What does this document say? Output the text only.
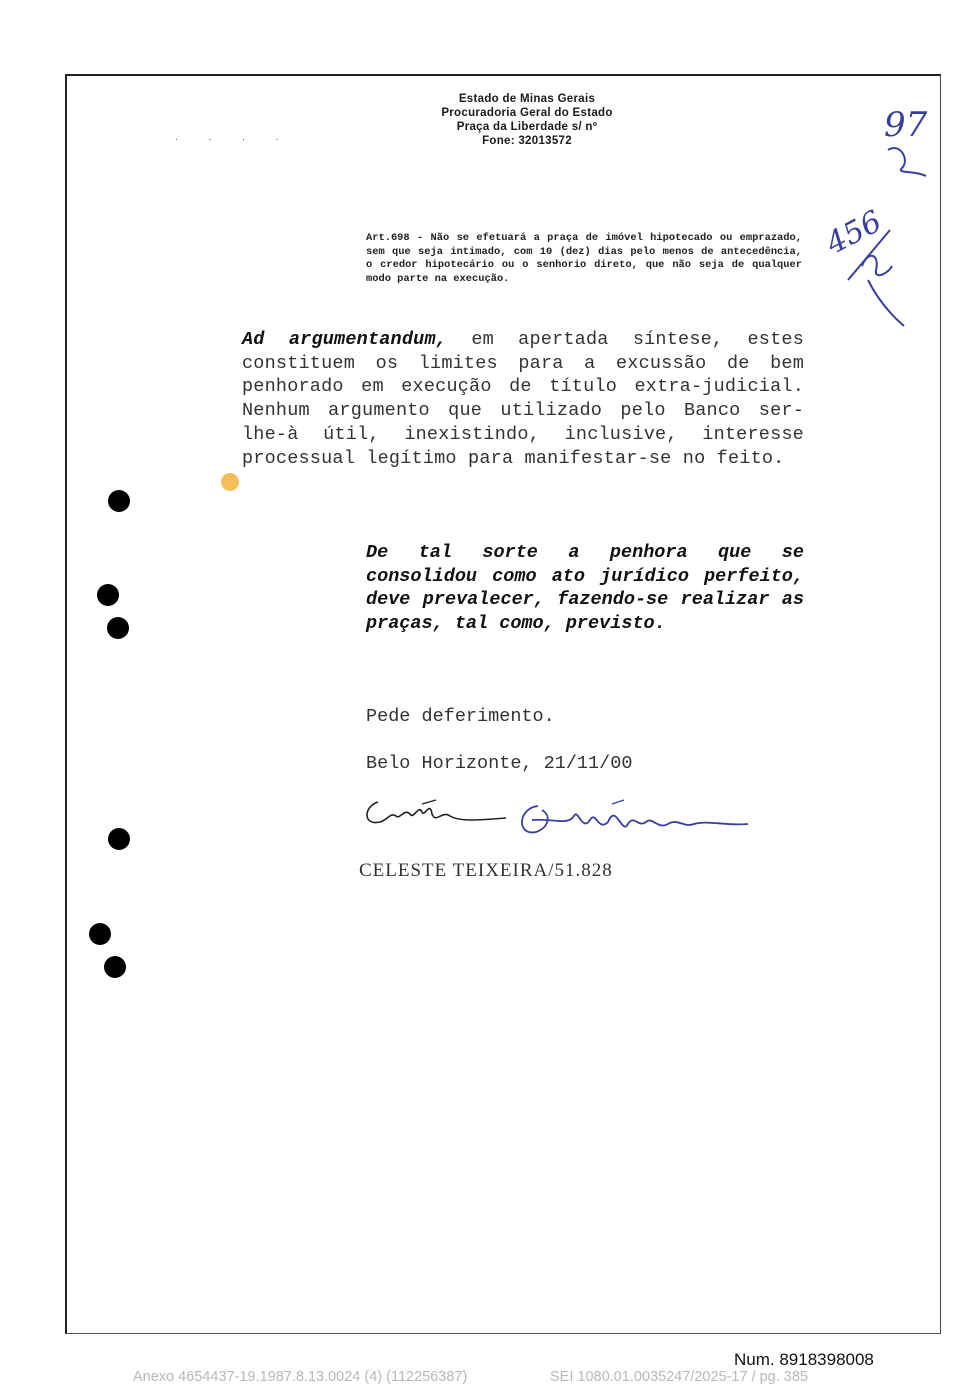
Estado de Minas Gerais
Procuradoria Geral do Estado
Praça da Liberdade s/ nº
Fone: 32013572
. . . .
Art.698 - Não se efetuará a praça de imóvel hipotecado ou emprazado, sem que seja intimado, com 10 (dez) dias pelo menos de antecedência, o credor hipotecário ou o senhorio direto, que não seja de qualquer modo parte na execução.
Ad argumentandum, em apertada síntese, estes constituem os limites para a excussão de bem penhorado em execução de título extra-judicial. Nenhum argumento que utilizado pelo Banco ser-lhe-à útil, inexistindo, inclusive, interesse processual legítimo para manifestar-se no feito.
De tal sorte a penhora que se consolidou como ato jurídico perfeito, deve prevalecer, fazendo-se realizar as praças, tal como, previsto.
Pede deferimento.
Belo Horizonte, 21/11/00
CELESTE TEIXEIRA/51.828
97
456
Num. 8918398008
Anexo 4654437-19.1987.8.13.0024 (4) (112256387)	SEI 1080.01.0035247/2025-17 / pg. 385
